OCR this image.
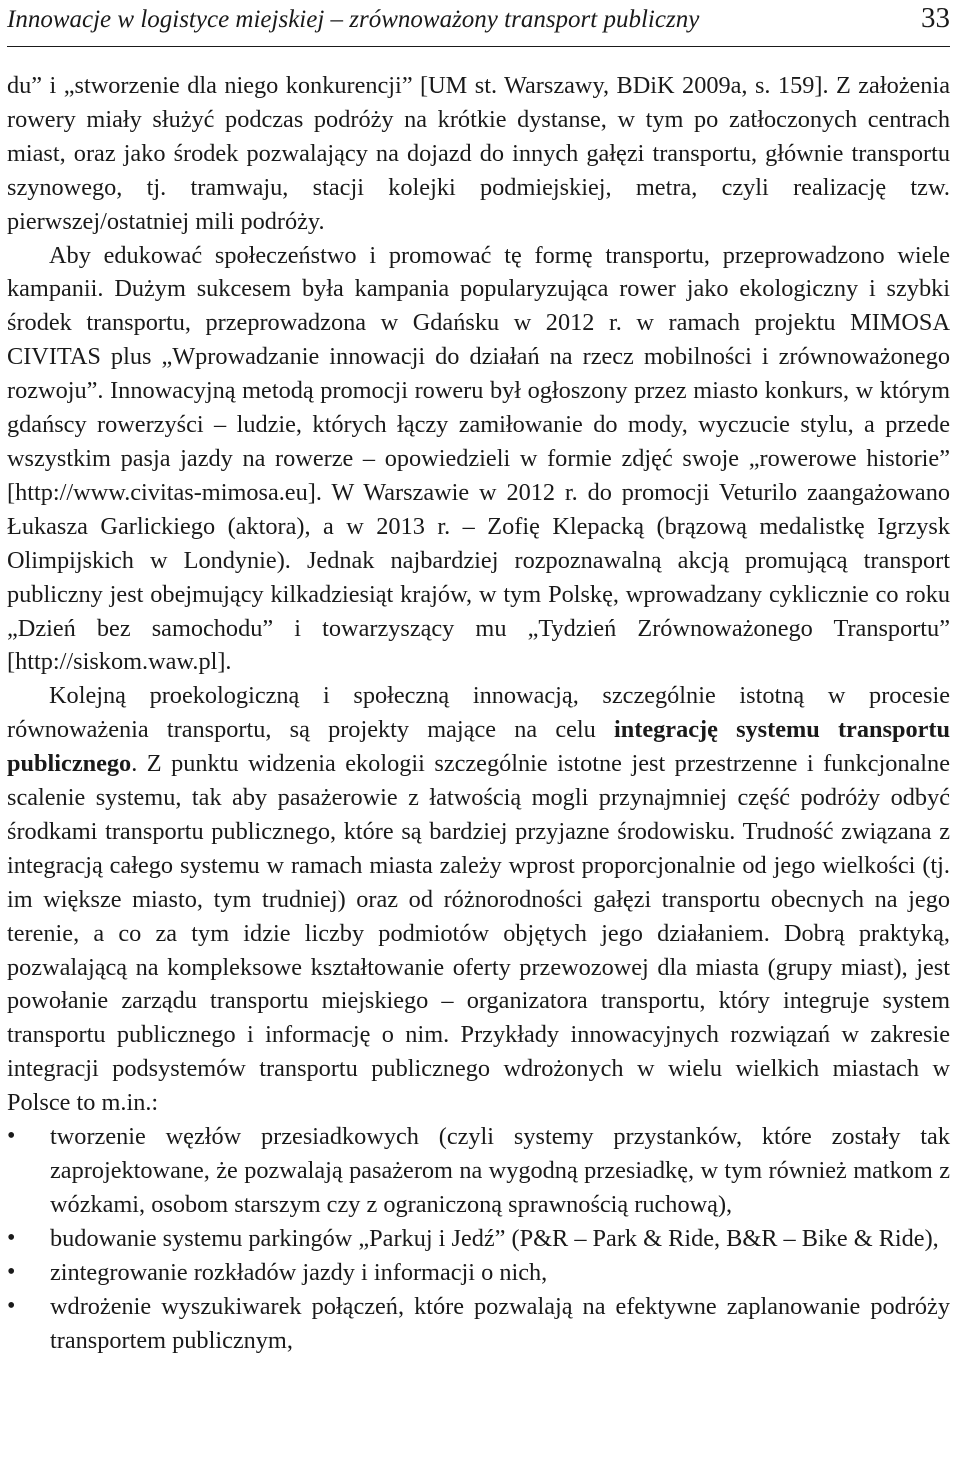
Innowacje w logistyce miejskiej – zrównoważony transport publiczny	33

du” i „stworzenie dla niego konkurencji” [UM st. Warszawy, BDiK 2009a, s. 159]. Z założenia rowery miały służyć podczas podróży na krótkie dystanse, w tym po zatłoczonych centrach miast, oraz jako środek pozwalający na dojazd do innych gałęzi transportu, głównie transportu szynowego, tj. tramwaju, stacji kolejki podmiejskiej, metra, czyli realizację tzw. pierwszej/ostatniej mili podróży.

Aby edukować społeczeństwo i promować tę formę transportu, przeprowadzono wiele kampanii. Dużym sukcesem była kampania popularyzująca rower jako ekologiczny i szybki środek transportu, przeprowadzona w Gdańsku w 2012 r. w ramach projektu MIMOSA CIVITAS plus „Wprowadzanie innowacji do działań na rzecz mobilności i zrównoważonego rozwoju”. Innowacyjną metodą promocji roweru był ogłoszony przez miasto konkurs, w którym gdańscy rowerzyści – ludzie, których łączy zamiłowanie do mody, wyczucie stylu, a przede wszystkim pasja jazdy na rowerze – opowiedzieli w formie zdjęć swoje „rowerowe historie” [http://www.civitas-mimosa.eu]. W Warszawie w 2012 r. do promocji Veturilo zaangażowano Łukasza Garlickiego (aktora), a w 2013 r. – Zofię Klepacką (brązową medalistkę Igrzysk Olimpijskich w Londynie). Jednak najbardziej rozpoznawalną akcją promującą transport publiczny jest obejmujący kilkadziesiąt krajów, w tym Polskę, wprowadzany cyklicznie co roku „Dzień bez samochodu” i towarzyszący mu „Tydzień Zrównoważonego Transportu” [http://siskom.waw.pl].

Kolejną proekologiczną i społeczną innowacją, szczególnie istotną w procesie równoważenia transportu, są projekty mające na celu integrację systemu transportu publicznego. Z punktu widzenia ekologii szczególnie istotne jest przestrzenne i funkcjonalne scalenie systemu, tak aby pasażerowie z łatwością mogli przynajmniej część podróży odbyć środkami transportu publicznego, które są bardziej przyjazne środowisku. Trudność związana z integracją całego systemu w ramach miasta zależy wprost proporcjonalnie od jego wielkości (tj. im większe miasto, tym trudniej) oraz od różnorodności gałęzi transportu obecnych na jego terenie, a co za tym idzie liczby podmiotów objętych jego działaniem. Dobrą praktyką, pozwalającą na kompleksowe kształtowanie oferty przewozowej dla miasta (grupy miast), jest powołanie zarządu transportu miejskiego – organizatora transportu, który integruje system transportu publicznego i informację o nim. Przykłady innowacyjnych rozwiązań w zakresie integracji podsystemów transportu publicznego wdrożonych w wielu wielkich miastach w Polsce to m.in.:

• tworzenie węzłów przesiadkowych (czyli systemy przystanków, które zostały tak zaprojektowane, że pozwalają pasażerom na wygodną przesiadkę, w tym również matkom z wózkami, osobom starszym czy z ograniczoną sprawnością ruchową),
• budowanie systemu parkingów „Parkuj i Jedź” (P&R – Park & Ride, B&R – Bike & Ride),
• zintegrowanie rozkładów jazdy i informacji o nich,
• wdrożenie wyszukiwarek połączeń, które pozwalają na efektywne zaplanowanie podróży transportem publicznym,
